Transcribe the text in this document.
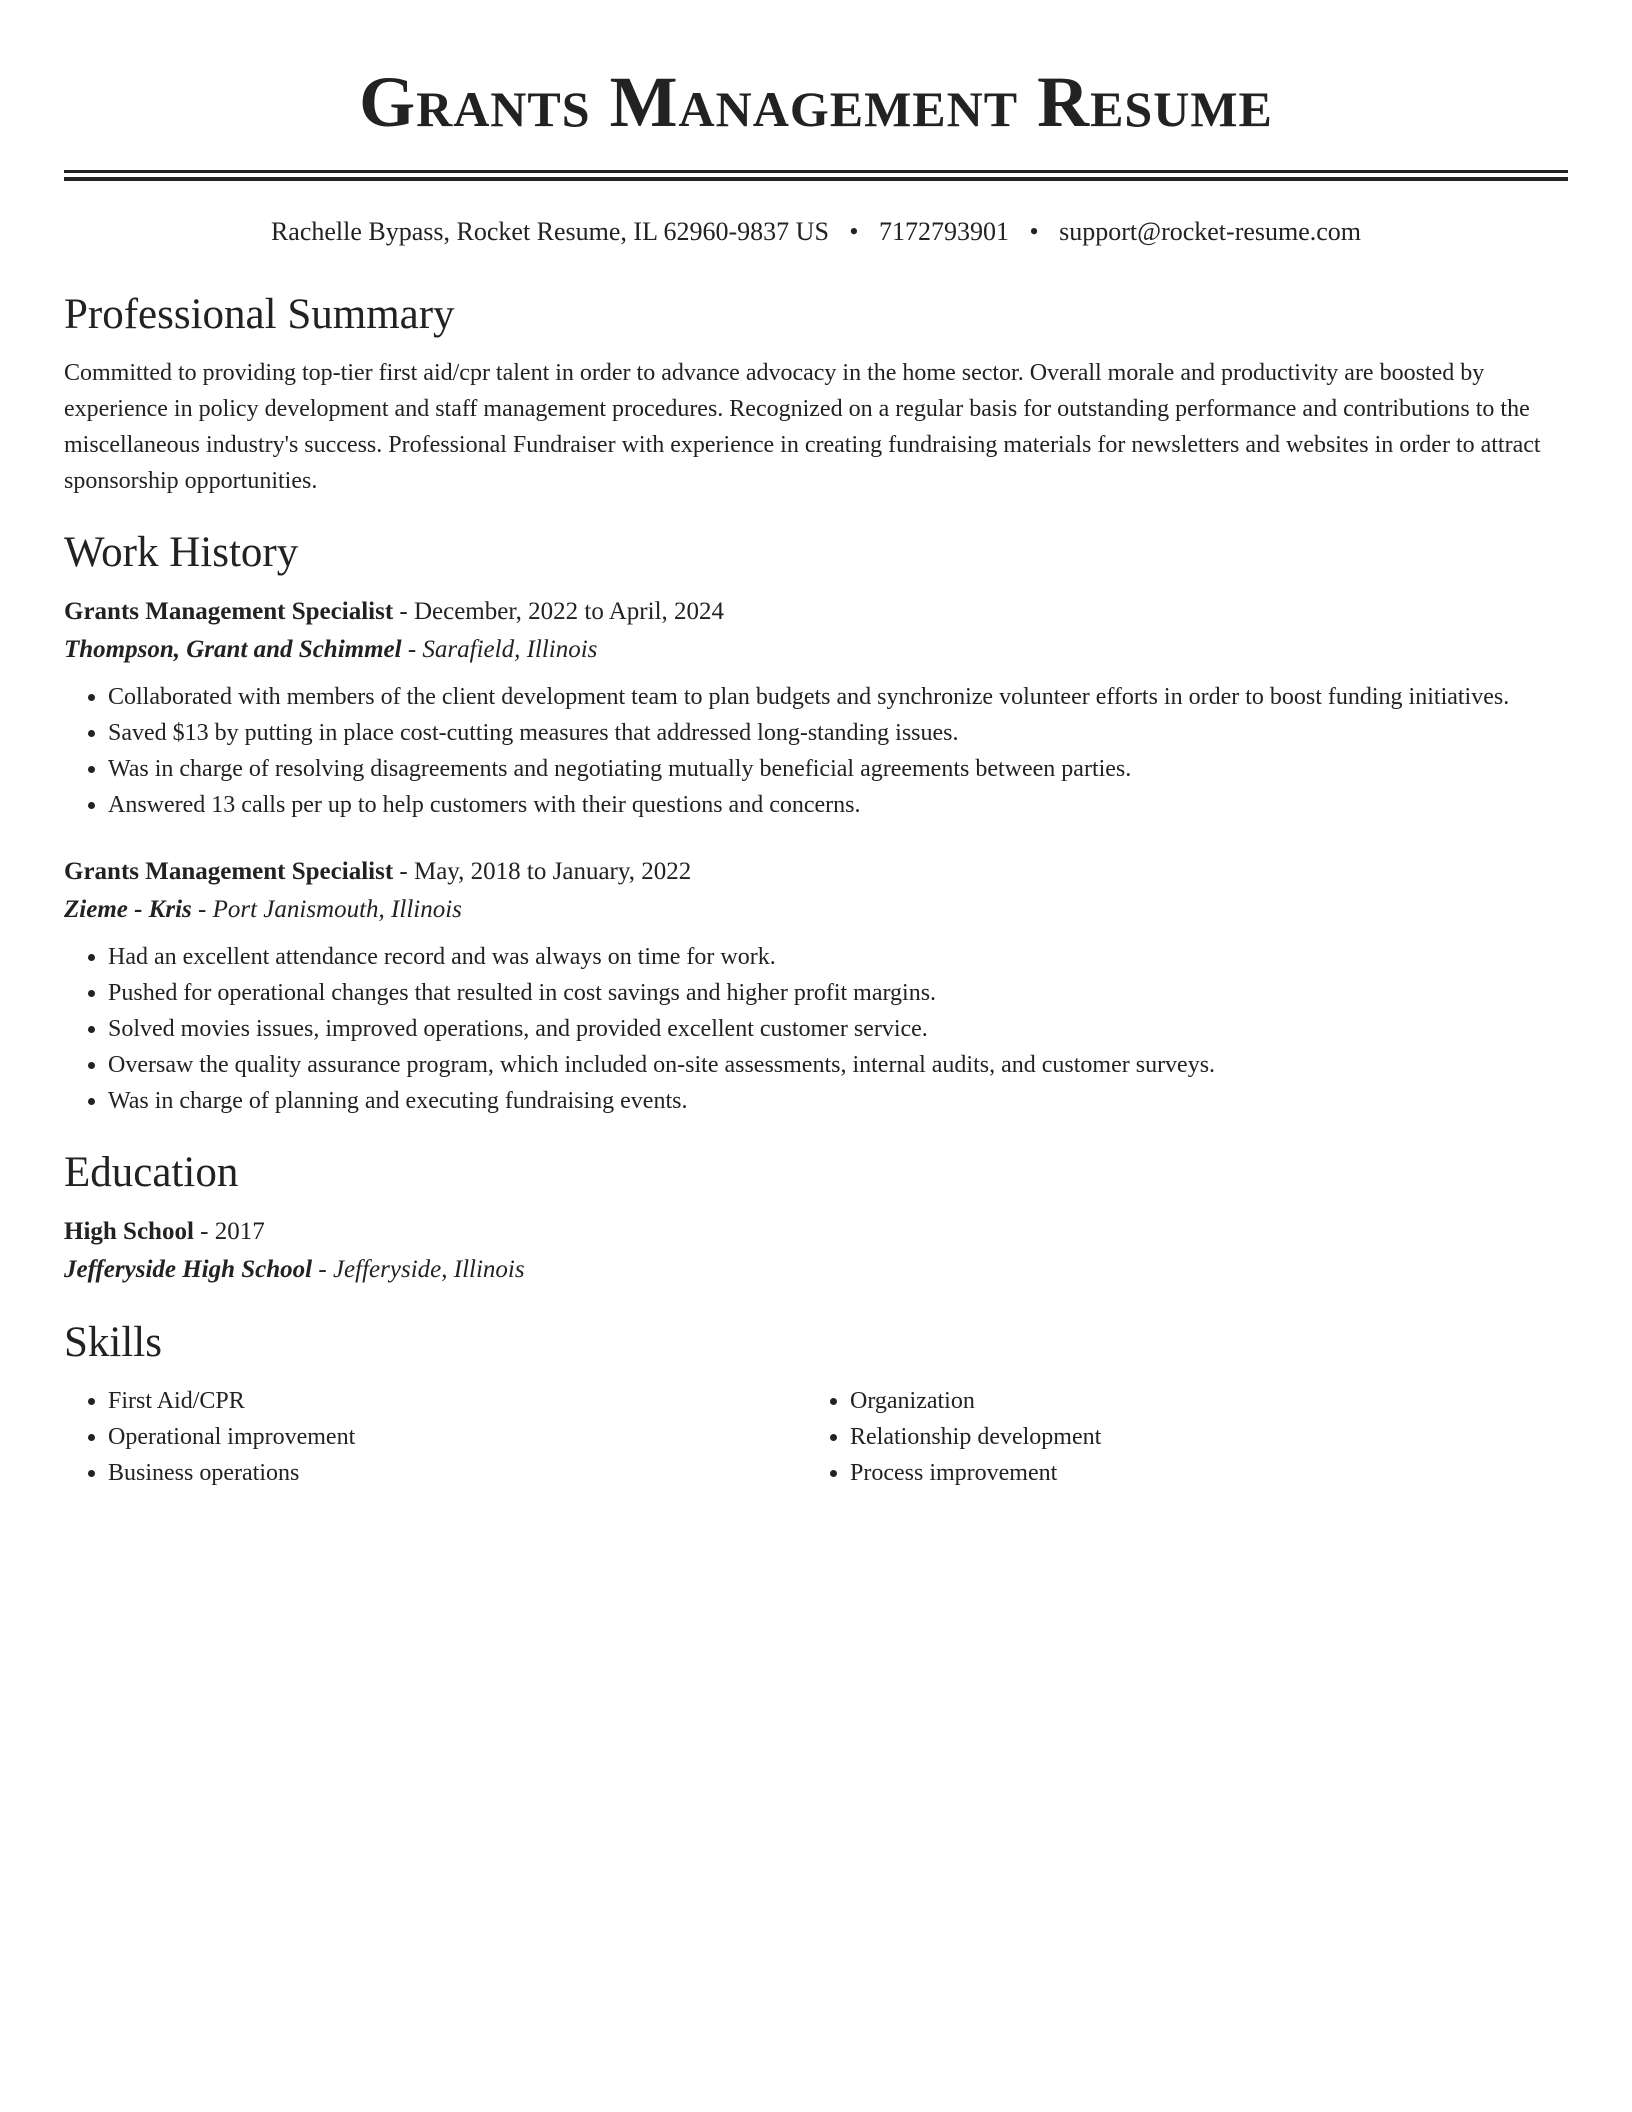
Grants Management Resume
Rachelle Bypass, Rocket Resume, IL 62960-9837 US • 7172793901 • support@rocket-resume.com
Professional Summary

Committed to providing top-tier first aid/cpr talent in order to advance advocacy in the home sector. Overall morale and productivity are boosted by experience in policy development and staff management procedures. Recognized on a regular basis for outstanding performance and contributions to the miscellaneous industry's success. Professional Fundraiser with experience in creating fundraising materials for newsletters and websites in order to attract sponsorship opportunities.

Work History
Grants Management Specialist - December, 2022 to April, 2024
Thompson, Grant and Schimmel - Sarafield, Illinois
• Collaborated with members of the client development team to plan budgets and synchronize volunteer efforts in order to boost funding initiatives.
• Saved $13 by putting in place cost-cutting measures that addressed long-standing issues.
• Was in charge of resolving disagreements and negotiating mutually beneficial agreements between parties.
• Answered 13 calls per up to help customers with their questions and concerns.
Grants Management Specialist - May, 2018 to January, 2022
Zieme - Kris - Port Janismouth, Illinois
• Had an excellent attendance record and was always on time for work.
• Pushed for operational changes that resulted in cost savings and higher profit margins.
• Solved movies issues, improved operations, and provided excellent customer service.
• Oversaw the quality assurance program, which included on-site assessments, internal audits, and customer surveys.
• Was in charge of planning and executing fundraising events.
Education
High School - 2017
Jefferyside High School - Jefferyside, Illinois
Skills
• First Aid/CPR
• Operational improvement
• Business operations
• Organization
• Relationship development
• Process improvement
